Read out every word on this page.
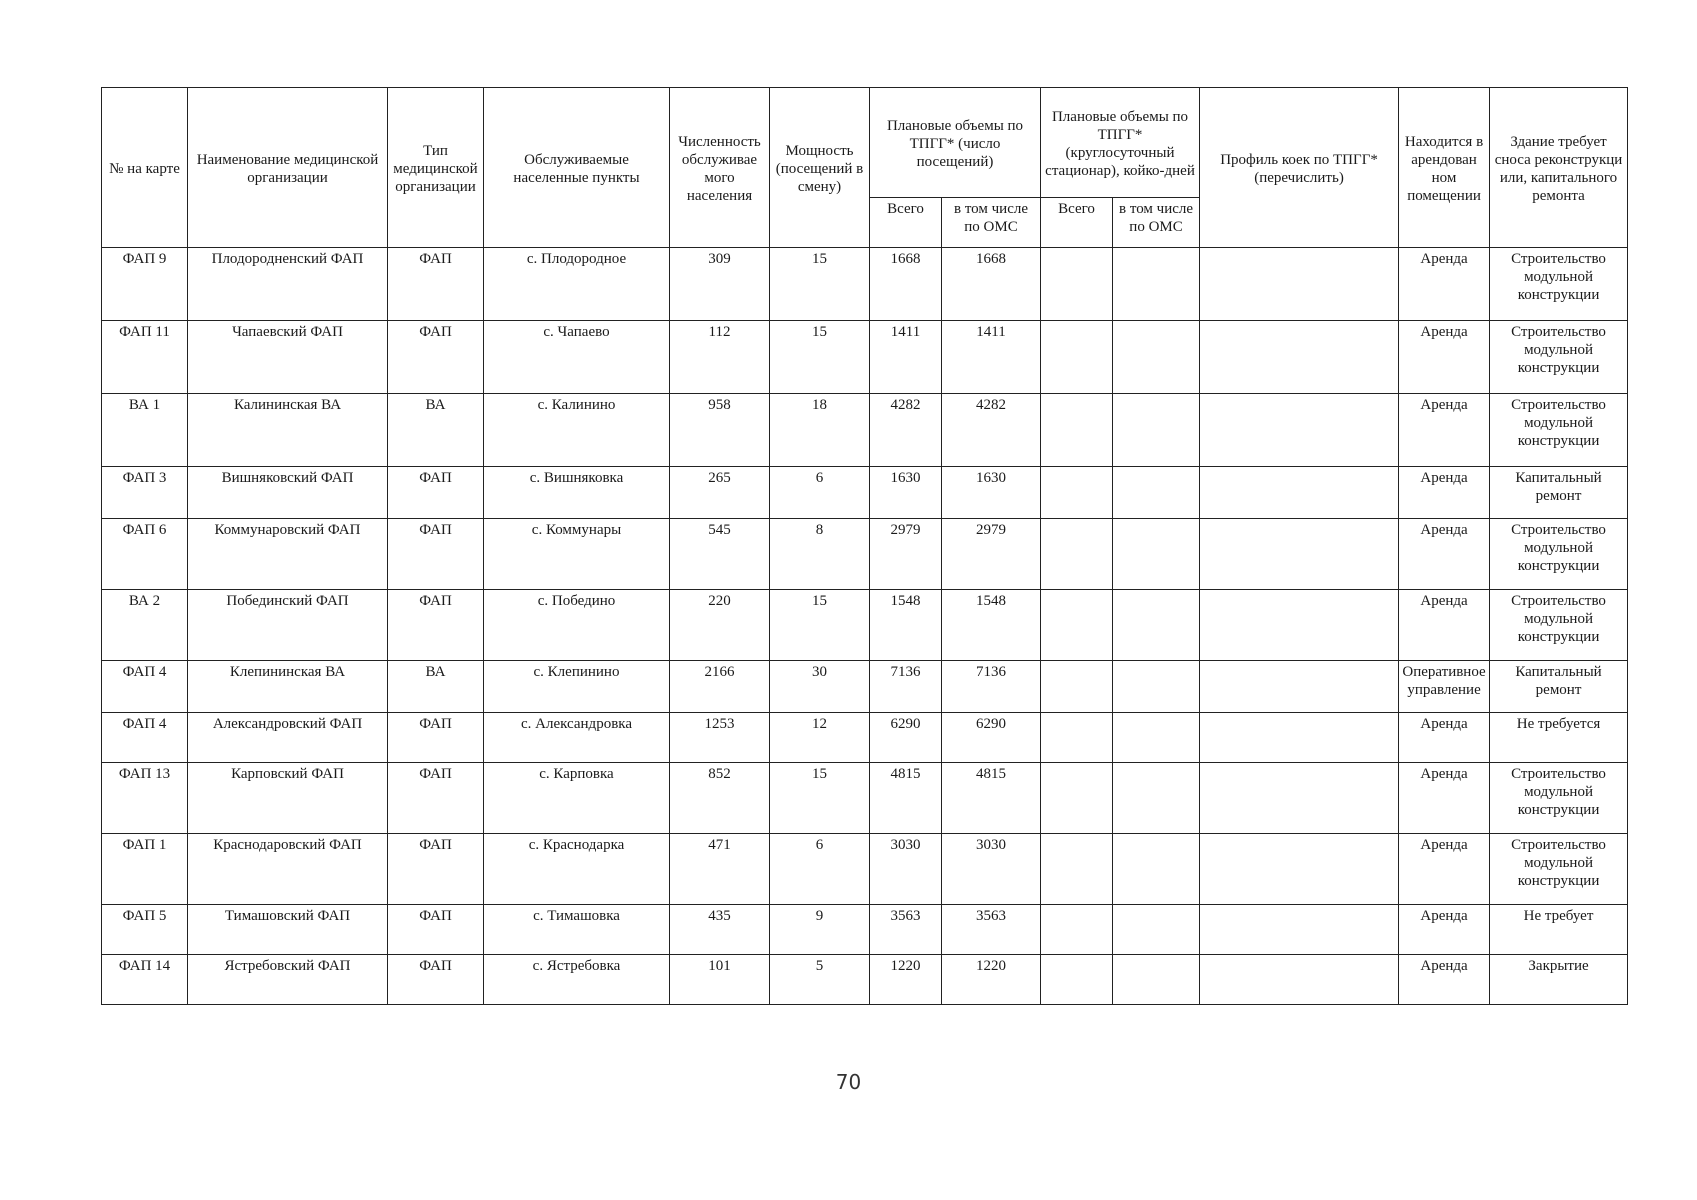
№ на карте	Наименование медицинской организации	Тип медицинской организации	Обслуживаемые населенные пункты	Численность обслуживае мого населения	Мощность (посещений в смену)	Плановые объемы по ТПГГ* (число посещений)		Плановые объемы по ТПГГ* (круглосуточный стационар), койко-дней		Профиль коек по ТПГГ* (перечислить)	Находится в арендован ном помещении	Здание требует сноса реконструкци или, капитального ремонта
						Всего	в том числе по ОМС	Всего	в том числе по ОМС			
ФАП 9	Плодородненский ФАП	ФАП	с. Плодородное	309	15	1668	1668				Аренда	Строительство модульной конструкции
ФАП 11	Чапаевский ФАП	ФАП	с. Чапаево	112	15	1411	1411				Аренда	Строительство модульной конструкции
ВА 1	Калининская ВА	ВА	с. Калинино	958	18	4282	4282				Аренда	Строительство модульной конструкции
ФАП 3	Вишняковский ФАП	ФАП	с. Вишняковка	265	6	1630	1630				Аренда	Капитальный ремонт
ФАП 6	Коммунаровский ФАП	ФАП	с. Коммунары	545	8	2979	2979				Аренда	Строительство модульной конструкции
ВА 2	Побединский ФАП	ФАП	с. Победино	220	15	1548	1548				Аренда	Строительство модульной конструкции
ФАП 4	Клепининская ВА	ВА	с. Клепинино	2166	30	7136	7136				Оперативное управление	Капитальный ремонт
ФАП 4	Александровский ФАП	ФАП	с. Александровка	1253	12	6290	6290				Аренда	Не требуется
ФАП 13	Карповский ФАП	ФАП	с. Карповка	852	15	4815	4815				Аренда	Строительство модульной конструкции
ФАП 1	Краснодаровский ФАП	ФАП	с. Краснодарка	471	6	3030	3030				Аренда	Строительство модульной конструкции
ФАП 5	Тимашовский ФАП	ФАП	с. Тимашовка	435	9	3563	3563				Аренда	Не требует
ФАП 14	Ястребовский ФАП	ФАП	с. Ястребовка	101	5	1220	1220				Аренда	Закрытие
70
